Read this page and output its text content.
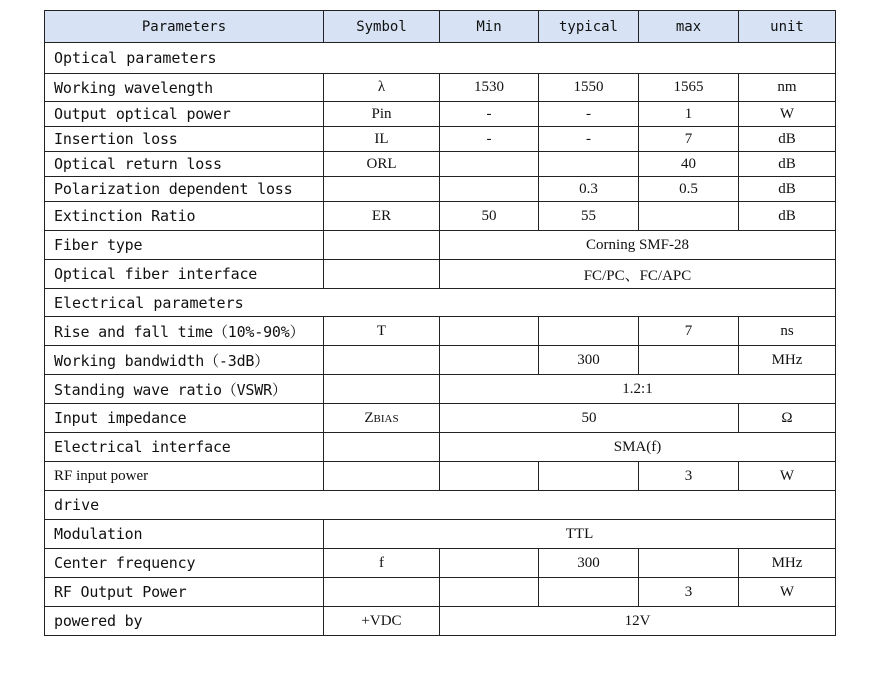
Parameters	Symbol	Min	typical	max	unit
Optical parameters					
Working wavelength	λ	1530	1550	1565	nm
Output optical power	Pin	-	-	1	W
Insertion loss	IL	-	-	7	dB
Optical return loss	ORL			40	dB
Polarization dependent loss			0.3	0.5	dB
Extinction Ratio	ER	50	55		dB
Fiber type		Corning SMF-28			
Optical fiber interface		FC/PC、FC/APC			
Electrical parameters					
Rise and fall time（10%-90%）	T			7	ns
Working bandwidth（-3dB）			300		MHz
Standing wave ratio（VSWR）		1.2:1			
Input impedance	ZBIAS	50			Ω
Electrical interface		SMA(f)			
RF input power				3	W
drive					
Modulation	TTL				
Center frequency	f		300		MHz
RF Output Power				3	W
powered by	+VDC	12V			
